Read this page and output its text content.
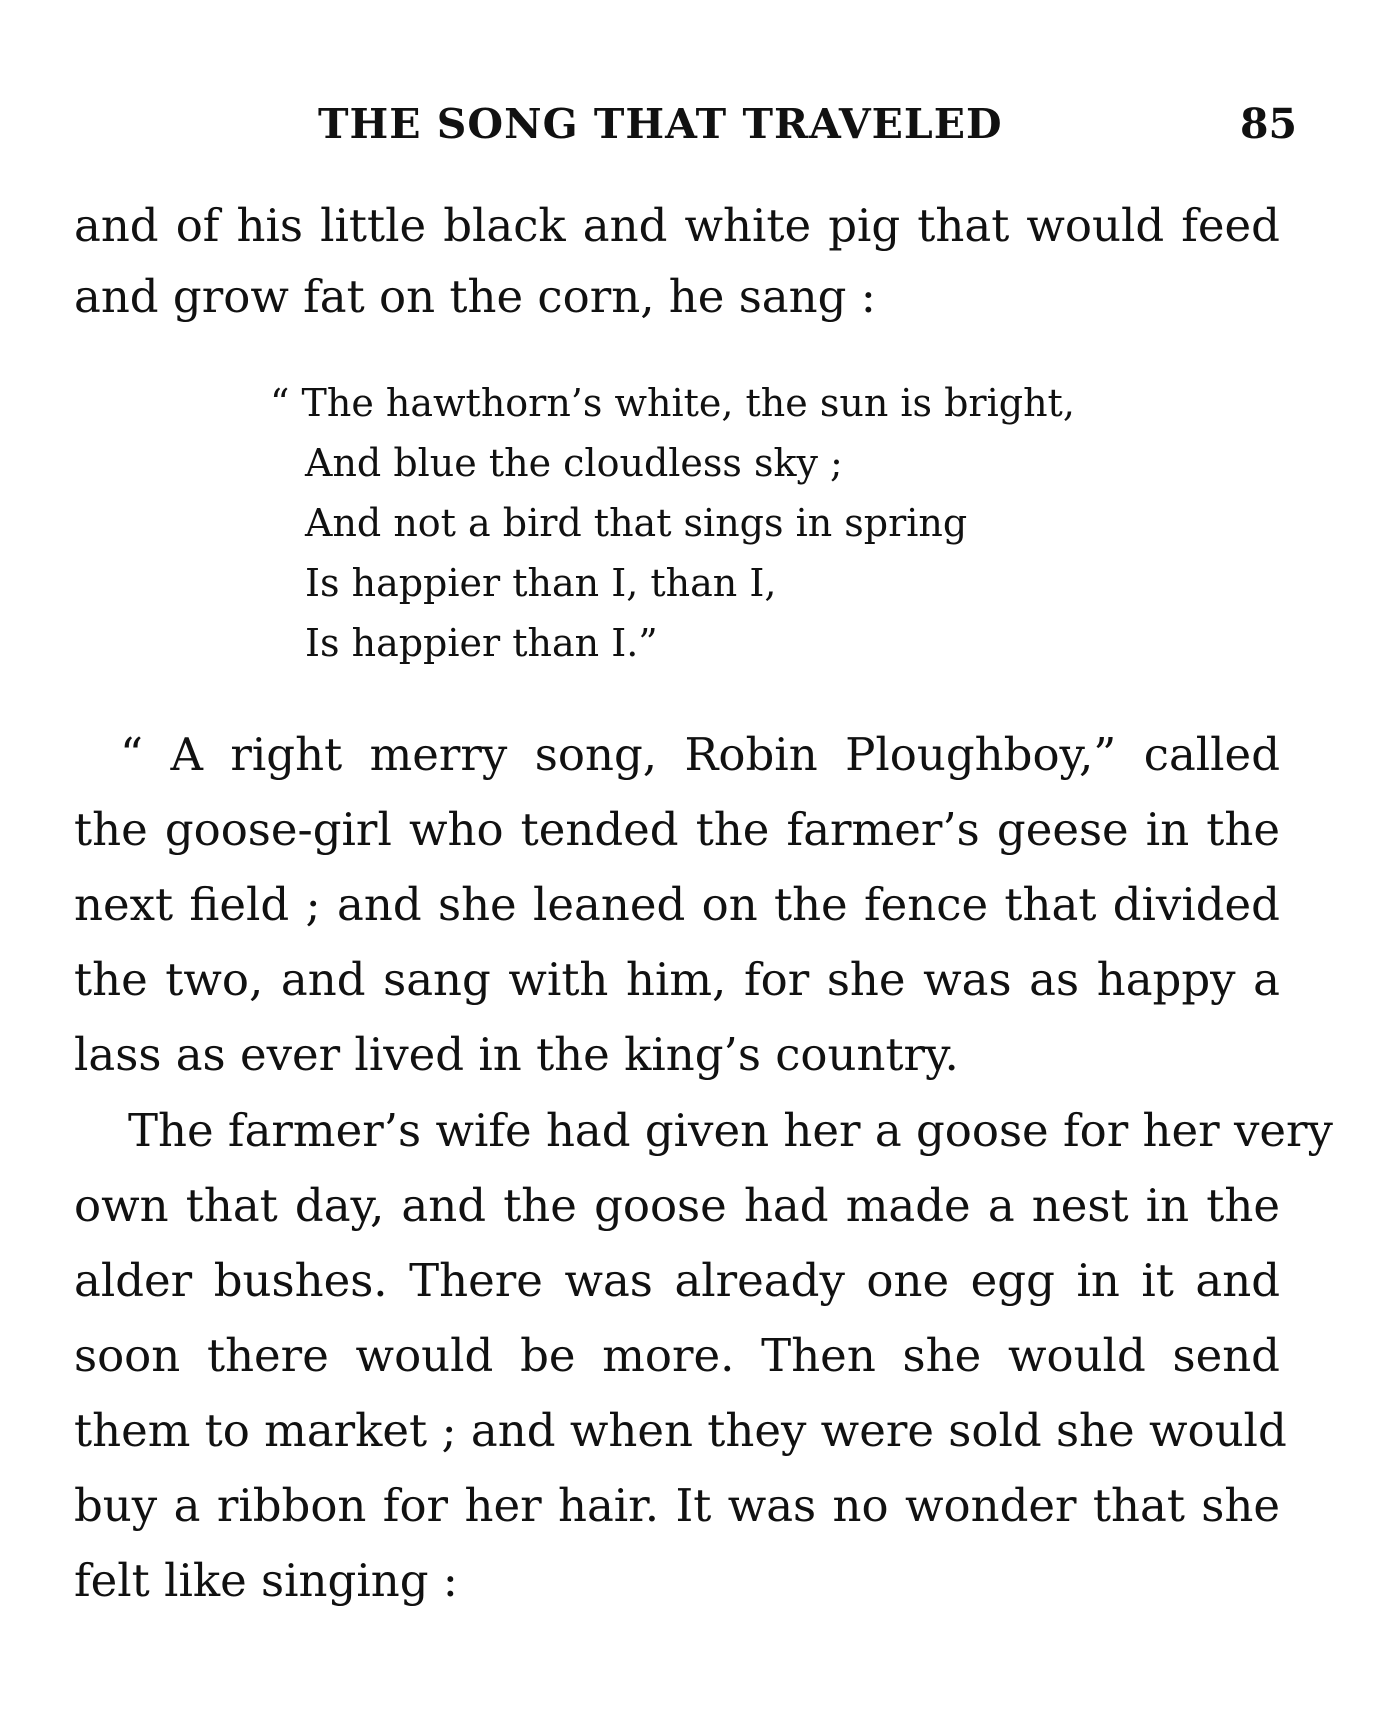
THE SONG THAT TRAVELED	85
and of his little black and white pig that would feed
and grow fat on the corn, he sang :
“ The hawthorn’s white, the sun is bright,
And blue the cloudless sky ;
And not a bird that sings in spring
Is happier than I, than I,
Is happier than I.”
“ A right merry song, Robin Ploughboy,” called
the goose-girl who tended the farmer’s geese in the
next field ; and she leaned on the fence that divided
the two, and sang with him, for she was as happy a
lass as ever lived in the king’s country.
The farmer’s wife had given her a goose for her very
own that day, and the goose had made a nest in the
alder bushes. There was already one egg in it and
soon there would be more. Then she would send
them to market ; and when they were sold she would
buy a ribbon for her hair. It was no wonder that she
felt like singing :
